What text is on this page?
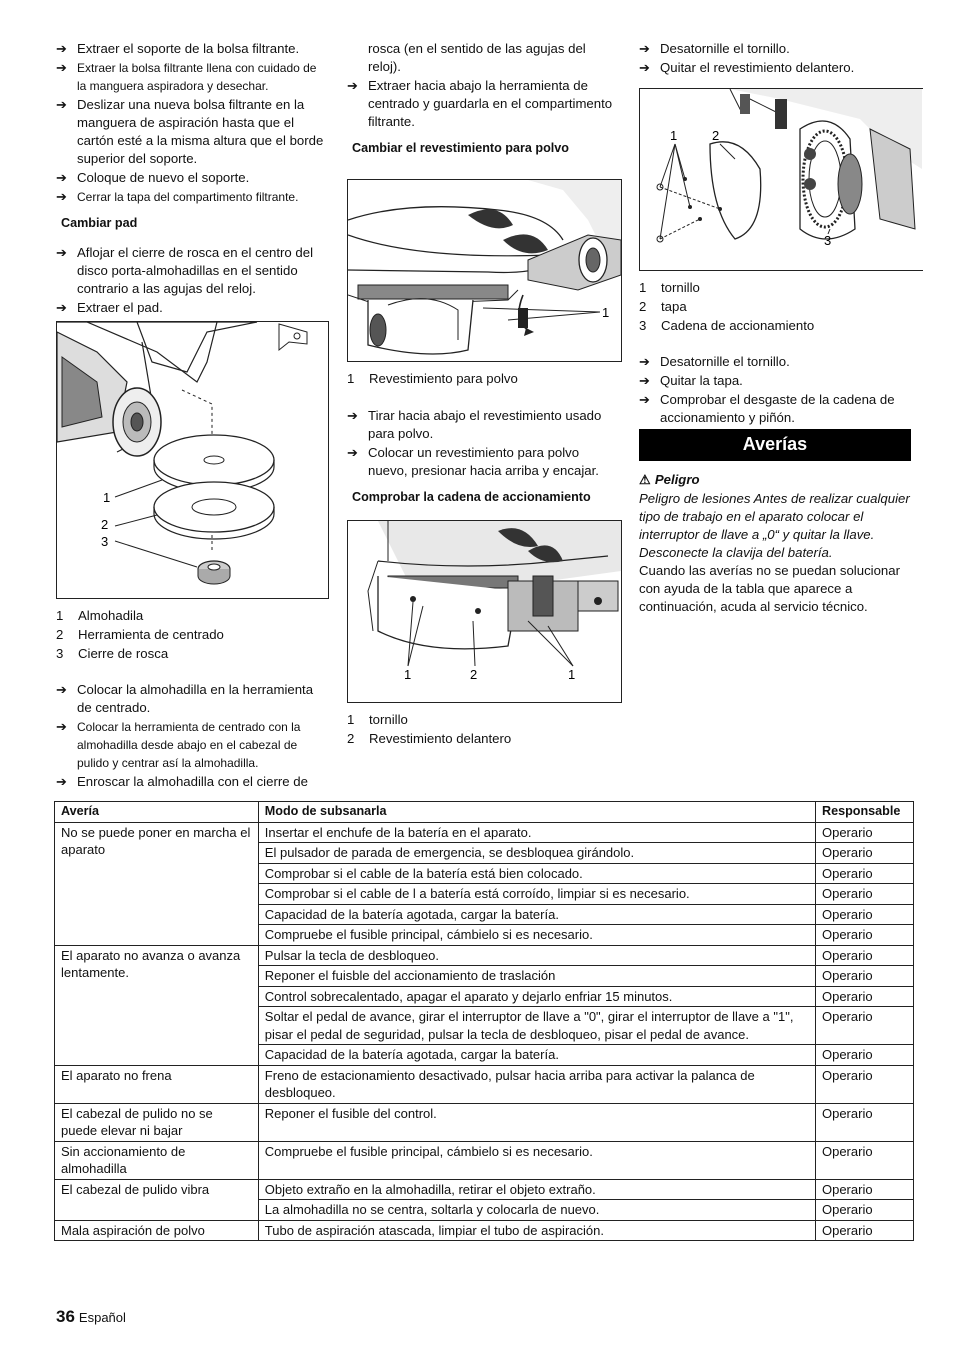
➔ Extraer el soporte de la bolsa filtrante.
➔ Extraer la bolsa filtrante llena con cuidado de la manguera aspiradora y desechar.
➔ Deslizar una nueva bolsa filtrante en la manguera de aspiración hasta que el cartón esté a la misma altura que el borde superior del soporte.
➔ Coloque de nuevo el soporte.
➔ Cerrar la tapa del compartimento filtrante.
Cambiar pad
➔ Aflojar el cierre de rosca en el centro del disco porta-almohadillas en el sentido contrario a las agujas del reloj.
➔ Extraer el pad.
1
2
3
1 Almohadila
2 Herramienta de centrado
3 Cierre de rosca
➔ Colocar la almohadilla en la herramienta de centrado.
➔ Colocar la herramienta de centrado con la almohadilla desde abajo en el cabezal de pulido y centrar así la almohadilla.
➔ Enroscar la almohadilla con el cierre de
rosca (en el sentido de las agujas del reloj).
➔ Extraer hacia abajo la herramienta de centrado y guardarla en el compartimento filtrante.
Cambiar el revestimiento para polvo
1
1 Revestimiento para polvo
➔ Tirar hacia abajo el revestimiento usado para polvo.
➔ Colocar un revestimiento para polvo nuevo, presionar hacia arriba y encajar.
Comprobar la cadena de accionamiento
1	2	1
1 tornillo
2 Revestimiento delantero
➔ Desatornille el tornillo.
➔ Quitar el revestimiento delantero.
1	2
3
1 tornillo
2 tapa
3 Cadena de accionamiento
➔ Desatornille el tornillo.
➔ Quitar la tapa.
➔ Comprobar el desgaste de la cadena de accionamiento y piñón.
Averías
⚠ Peligro
Peligro de lesiones Antes de realizar cualquier tipo de trabajo en el aparato colocar el interruptor de llave a „0“ y quitar la llave. Desconecte la clavija del batería.
Cuando las averías no se puedan solucionar con ayuda de la tabla que aparece a continuación, acuda al servicio técnico.
Avería	Modo de subsanarla	Responsable
No se puede poner en marcha el aparato	Insertar el enchufe de la batería en el aparato.	Operario
	El pulsador de parada de emergencia, se desbloquea girándolo.	Operario
	Comprobar si el cable de la batería está bien colocado.	Operario
	Comprobar si el cable de l a batería está corroído, limpiar si es necesario.	Operario
	Capacidad de la batería agotada, cargar la batería.	Operario
	Compruebe el fusible principal, cámbielo si es necesario.	Operario
El aparato no avanza o avanza lentamente.	Pulsar la tecla de desbloqueo.	Operario
	Reponer el fuisble del accionamiento de traslación	Operario
	Control sobrecalentado, apagar el aparato y dejarlo enfriar 15 minutos.	Operario
	Soltar el pedal de avance, girar el interruptor de llave a "0", girar el interruptor de llave a "1", pisar el pedal de seguridad, pulsar la tecla de desbloqueo, pisar el pedal de avance.	Operario
	Capacidad de la batería agotada, cargar la batería.	Operario
El aparato no frena	Freno de estacionamiento desactivado, pulsar hacia arriba para activar la palanca de desbloqueo.	Operario
El cabezal de pulido no se puede elevar ni bajar	Reponer el fusible del control.	Operario
Sin accionamiento de almohadilla	Compruebe el fusible principal, cámbielo si es necesario.	Operario
El cabezal de pulido vibra	Objeto extraño en la almohadilla, retirar el objeto extraño.	Operario
	La almohadilla no se centra, soltarla y colocarla de nuevo.	Operario
Mala aspiración de polvo	Tubo de aspiración atascada, limpiar el tubo de aspiración.	Operario
36 Español
